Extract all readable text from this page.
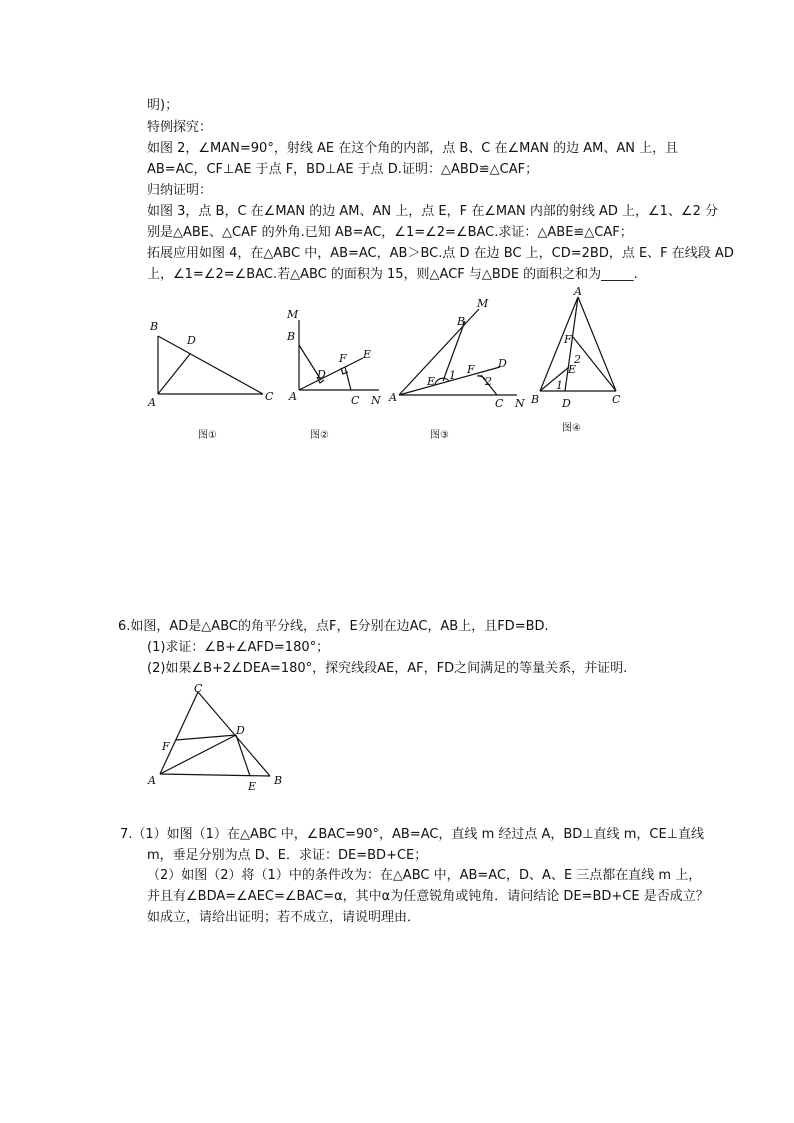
明)；
特例探究：
如图 2，∠MAN=90°，射线 AE 在这个角的内部，点 B、C 在∠MAN 的边 AM、AN 上，且
AB=AC，CF⊥AE 于点 F，BD⊥AE 于点 D.证明：△ABD≌△CAF；
归纳证明：
如图 3，点 B，C 在∠MAN 的边 AM、AN 上，点 E，F 在∠MAN 内部的射线 AD 上，∠1、∠2 分
别是△ABE、△CAF 的外角.已知 AB=AC，∠1=∠2=∠BAC.求证：△ABE≌△CAF；
拓展应用如图 4，在△ABC 中，AB=AC，AB＞BC.点 D 在边 BC 上，CD=2BD，点 E、F 在线段 AD
上，∠1=∠2=∠BAC.若△ABC 的面积为 15，则△ACF 与△BDE 的面积之和为_____.
B
D
A	C
图①
M
B
F E
D
A	C N
图②
M
B
D
F
E 1	2
A	C N
图③
A
F
2
E
1
B D	C
图④
6.如图，AD是△ABC的角平分线，点F，E分别在边AC，AB上，且FD=BD.
(1)求证：∠B+∠AFD=180°；
(2)如果∠B+2∠DEA=180°，探究线段AE，AF，FD之间满足的等量关系，并证明.
C
F
D
A	E B
7.（1）如图（1）在△ABC 中，∠BAC=90°，AB=AC，直线 m 经过点 A，BD⊥直线 m，CE⊥直线
m，垂足分别为点 D、E．求证：DE=BD+CE；
（2）如图（2）将（1）中的条件改为：在△ABC 中，AB=AC，D、A、E 三点都在直线 m 上，
并且有∠BDA=∠AEC=∠BAC=α，其中α为任意锐角或钝角．请问结论 DE=BD+CE 是否成立？
如成立，请给出证明；若不成立，请说明理由．
